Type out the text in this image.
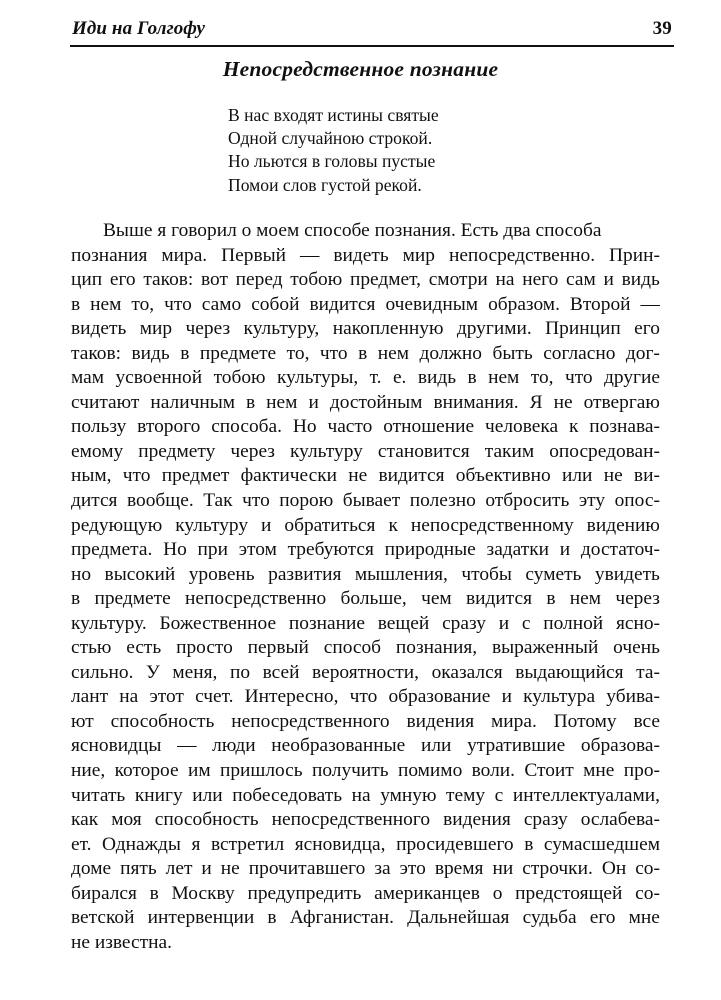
Иди на Голгофу	39
Непосредственное познание
В нас входят истины святые
Одной случайною строкой.
Но льются в головы пустые
Помои слов густой рекой.
Выше я говорил о моем способе познания. Есть два способа
познания мира. Первый — видеть мир непосредственно. Прин-
цип его таков: вот перед тобою предмет, смотри на него сам и видь
в нем то, что само собой видится очевидным образом. Второй —
видеть мир через культуру, накопленную другими. Принцип его
таков: видь в предмете то, что в нем должно быть согласно дог-
мам усвоенной тобою культуры, т. е. видь в нем то, что другие
считают наличным в нем и достойным внимания. Я не отвергаю
пользу второго способа. Но часто отношение человека к познава-
емому предмету через культуру становится таким опосредован-
ным, что предмет фактически не видится объективно или не ви-
дится вообще. Так что порою бывает полезно отбросить эту опос-
редующую культуру и обратиться к непосредственному видению
предмета. Но при этом требуются природные задатки и достаточ-
но высокий уровень развития мышления, чтобы суметь увидеть
в предмете непосредственно больше, чем видится в нем через
культуру. Божественное познание вещей сразу и с полной ясно-
стью есть просто первый способ познания, выраженный очень
сильно. У меня, по всей вероятности, оказался выдающийся та-
лант на этот счет. Интересно, что образование и культура убива-
ют способность непосредственного видения мира. Потому все
ясновидцы — люди необразованные или утратившие образова-
ние, которое им пришлось получить помимо воли. Стоит мне про-
читать книгу или побеседовать на умную тему с интеллектуалами,
как моя способность непосредственного видения сразу ослабева-
ет. Однажды я встретил ясновидца, просидевшего в сумасшедшем
доме пять лет и не прочитавшего за это время ни строчки. Он со-
бирался в Москву предупредить американцев о предстоящей со-
ветской интервенции в Афганистан. Дальнейшая судьба его мне
не известна.
